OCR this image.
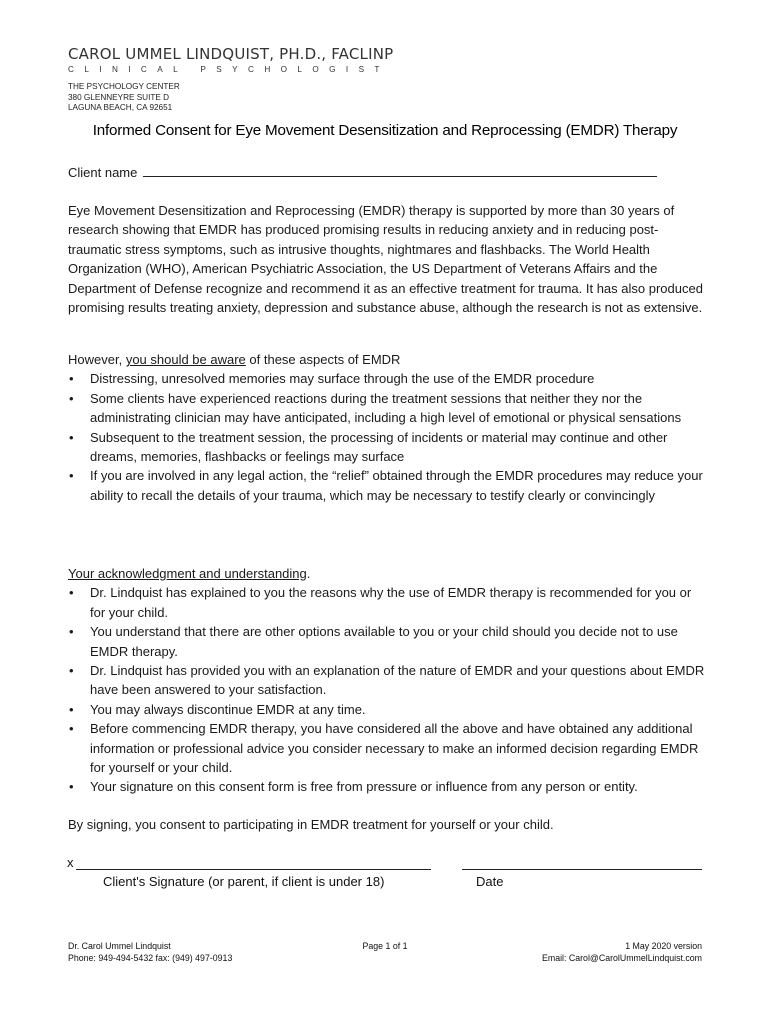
CAROL UMMEL LINDQUIST, PH.D., FACLINP
CLINICAL PSYCHOLOGIST
THE PSYCHOLOGY CENTER
380 GLENNEYRE SUITE D
LAGUNA BEACH, CA 92651
Informed Consent for Eye Movement Desensitization and Reprocessing (EMDR) Therapy
Client name
Eye Movement Desensitization and Reprocessing (EMDR) therapy is supported by more than 30 years of research showing that EMDR has produced promising results in reducing anxiety and in reducing post-traumatic stress symptoms, such as intrusive thoughts, nightmares and flashbacks. The World Health Organization (WHO), American Psychiatric Association, the US Department of Veterans Affairs and the Department of Defense recognize and recommend it as an effective treatment for trauma. It has also produced promising results treating anxiety, depression and substance abuse, although the research is not as extensive.
However, you should be aware of these aspects of EMDR
• Distressing, unresolved memories may surface through the use of the EMDR procedure
• Some clients have experienced reactions during the treatment sessions that neither they nor the administrating clinician may have anticipated, including a high level of emotional or physical sensations
• Subsequent to the treatment session, the processing of incidents or material may continue and other dreams, memories, flashbacks or feelings may surface
• If you are involved in any legal action, the “relief” obtained through the EMDR procedures may reduce your ability to recall the details of your trauma, which may be necessary to testify clearly or convincingly
Your acknowledgment and understanding.
• Dr. Lindquist has explained to you the reasons why the use of EMDR therapy is recommended for you or for your child.
• You understand that there are other options available to you or your child should you decide not to use EMDR therapy.
• Dr. Lindquist has provided you with an explanation of the nature of EMDR and your questions about EMDR have been answered to your satisfaction.
• You may always discontinue EMDR at any time.
• Before commencing EMDR therapy, you have considered all the above and have obtained any additional information or professional advice you consider necessary to make an informed decision regarding EMDR for yourself or your child.
• Your signature on this consent form is free from pressure or influence from any person or entity.
By signing, you consent to participating in EMDR treatment for yourself or your child.
x
Client's Signature (or parent, if client is under 18)	Date
Dr. Carol Ummel Lindquist
Phone: 949-494-5432 fax: (949) 497-0913
Page 1 of 1	1 May 2020 version
Email: Carol@CarolUmmelLindquist.com
